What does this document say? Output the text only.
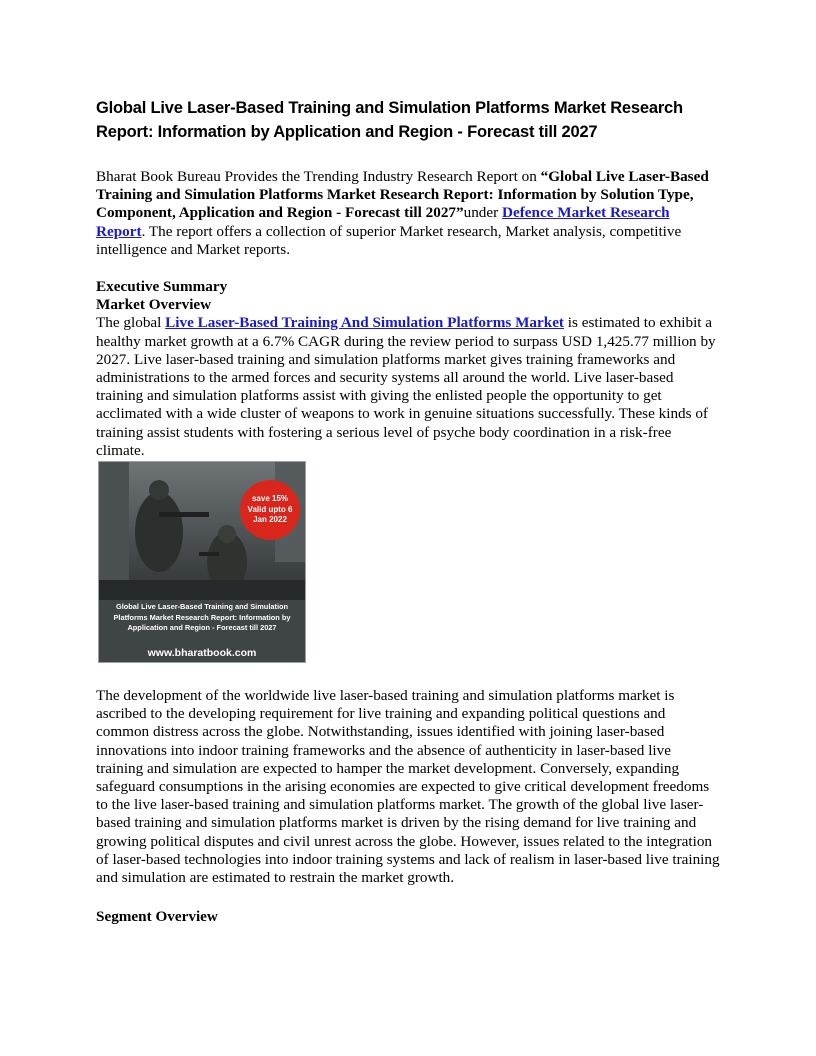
Global Live Laser-Based Training and Simulation Platforms Market Research Report: Information by Application and Region - Forecast till 2027

Bharat Book Bureau Provides the Trending Industry Research Report on “Global Live Laser-Based Training and Simulation Platforms Market Research Report: Information by Solution Type, Component, Application and Region - Forecast till 2027”under Defence Market Research Report. The report offers a collection of superior Market research, Market analysis, competitive intelligence and Market reports.

Executive Summary

Market Overview

The global Live Laser-Based Training And Simulation Platforms Market is estimated to exhibit a healthy market growth at a 6.7% CAGR during the review period to surpass USD 1,425.77 million by 2027. Live laser-based training and simulation platforms market gives training frameworks and administrations to the armed forces and security systems all around the world. Live laser-based training and simulation platforms assist with giving the enlisted people the opportunity to get acclimated with a wide cluster of weapons to work in genuine situations successfully. These kinds of training assist students with fostering a serious level of psyche body coordination in a risk-free climate.

save 15%
Valid upto 6
Jan 2022
Global Live Laser-Based Training and Simulation Platforms Market Research Report: Information by Application and Region - Forecast till 2027
www.bharatbook.com

The development of the worldwide live laser-based training and simulation platforms market is ascribed to the developing requirement for live training and expanding political questions and common distress across the globe. Notwithstanding, issues identified with joining laser-based innovations into indoor training frameworks and the absence of authenticity in laser-based live training and simulation are expected to hamper the market development. Conversely, expanding safeguard consumptions in the arising economies are expected to give critical development freedoms to the live laser-based training and simulation platforms market. The growth of the global live laser-based training and simulation platforms market is driven by the rising demand for live training and growing political disputes and civil unrest across the globe. However, issues related to the integration of laser-based technologies into indoor training systems and lack of realism in laser-based live training and simulation are estimated to restrain the market growth.

Segment Overview
